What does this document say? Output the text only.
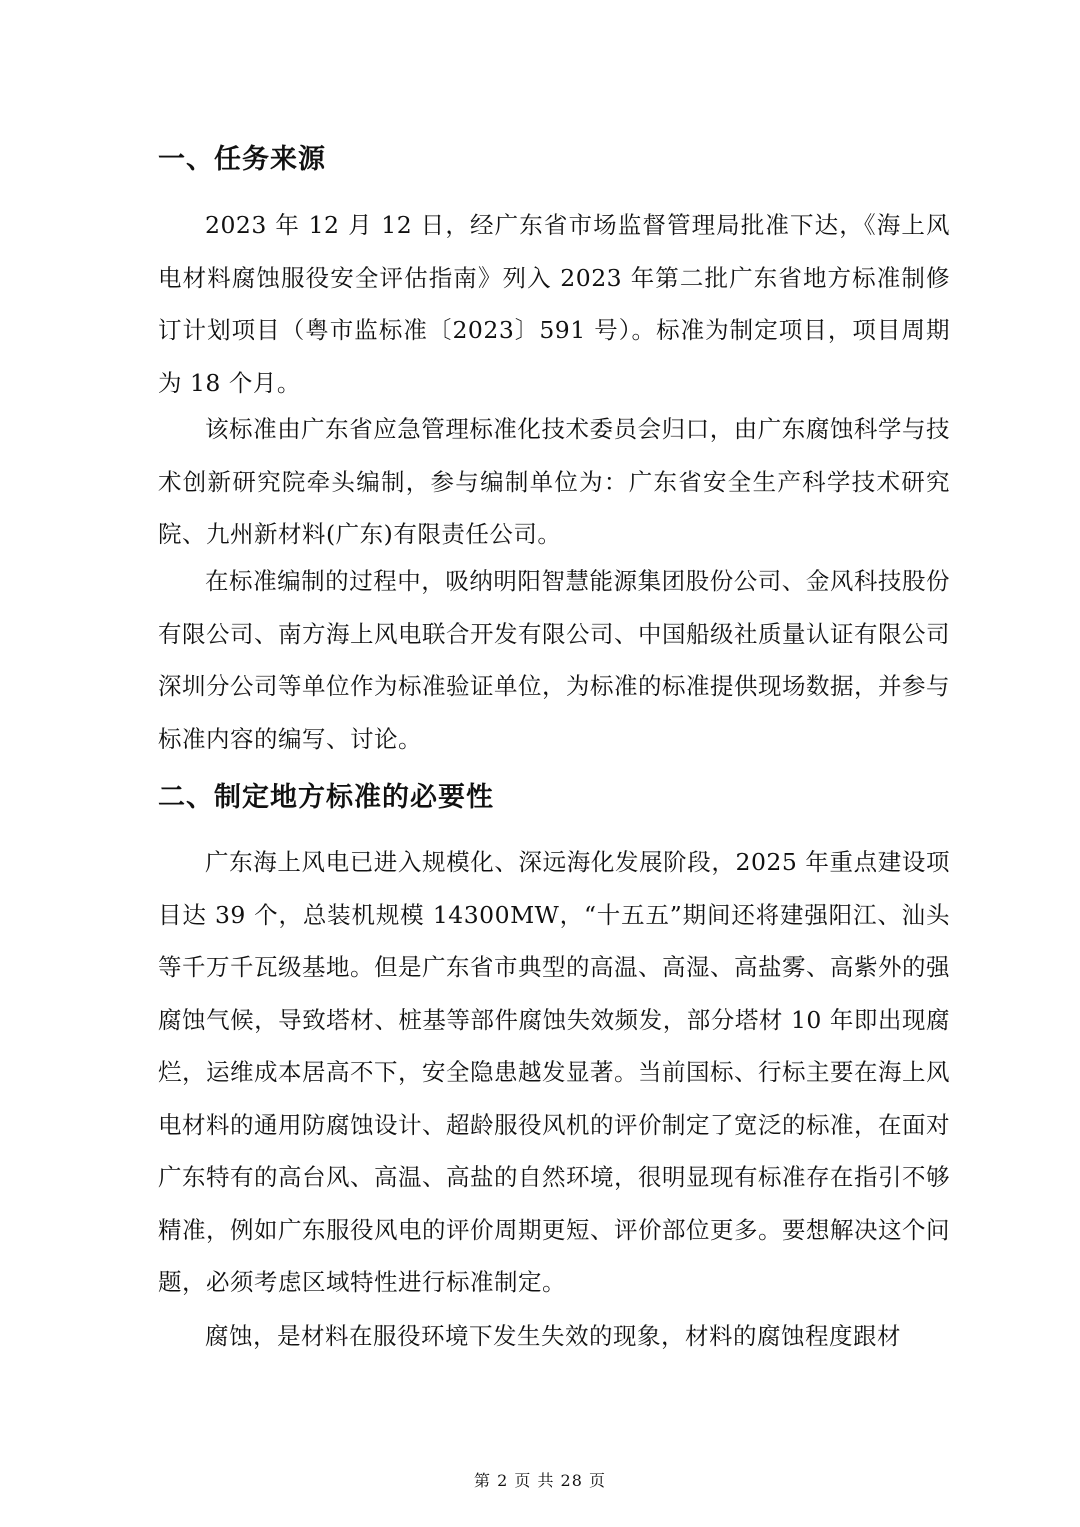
一、任务来源

2023 年 12 月 12 日，经广东省市场监督管理局批准下达，《海上风电材料腐蚀服役安全评估指南》列入 2023 年第二批广东省地方标准制修订计划项目（粤市监标准〔2023〕591 号）。标准为制定项目，项目周期为 18 个月。

该标准由广东省应急管理标准化技术委员会归口，由广东腐蚀科学与技术创新研究院牵头编制，参与编制单位为：广东省安全生产科学技术研究院、九州新材料(广东)有限责任公司。

在标准编制的过程中，吸纳明阳智慧能源集团股份公司、金风科技股份有限公司、南方海上风电联合开发有限公司、中国船级社质量认证有限公司深圳分公司等单位作为标准验证单位，为标准的标准提供现场数据，并参与标准内容的编写、讨论。

二、制定地方标准的必要性

广东海上风电已进入规模化、深远海化发展阶段，2025 年重点建设项目达 39 个，总装机规模 14300MW，“十五五”期间还将建强阳江、汕头等千万千瓦级基地。但是广东省市典型的高温、高湿、高盐雾、高紫外的强腐蚀气候，导致塔材、桩基等部件腐蚀失效频发，部分塔材 10 年即出现腐烂，运维成本居高不下，安全隐患越发显著。当前国标、行标主要在海上风电材料的通用防腐蚀设计、超龄服役风机的评价制定了宽泛的标准，在面对广东特有的高台风、高温、高盐的自然环境，很明显现有标准存在指引不够精准，例如广东服役风电的评价周期更短、评价部位更多。要想解决这个问题，必须考虑区域特性进行标准制定。

腐蚀，是材料在服役环境下发生失效的现象，材料的腐蚀程度跟材

第 2 页 共 28 页
